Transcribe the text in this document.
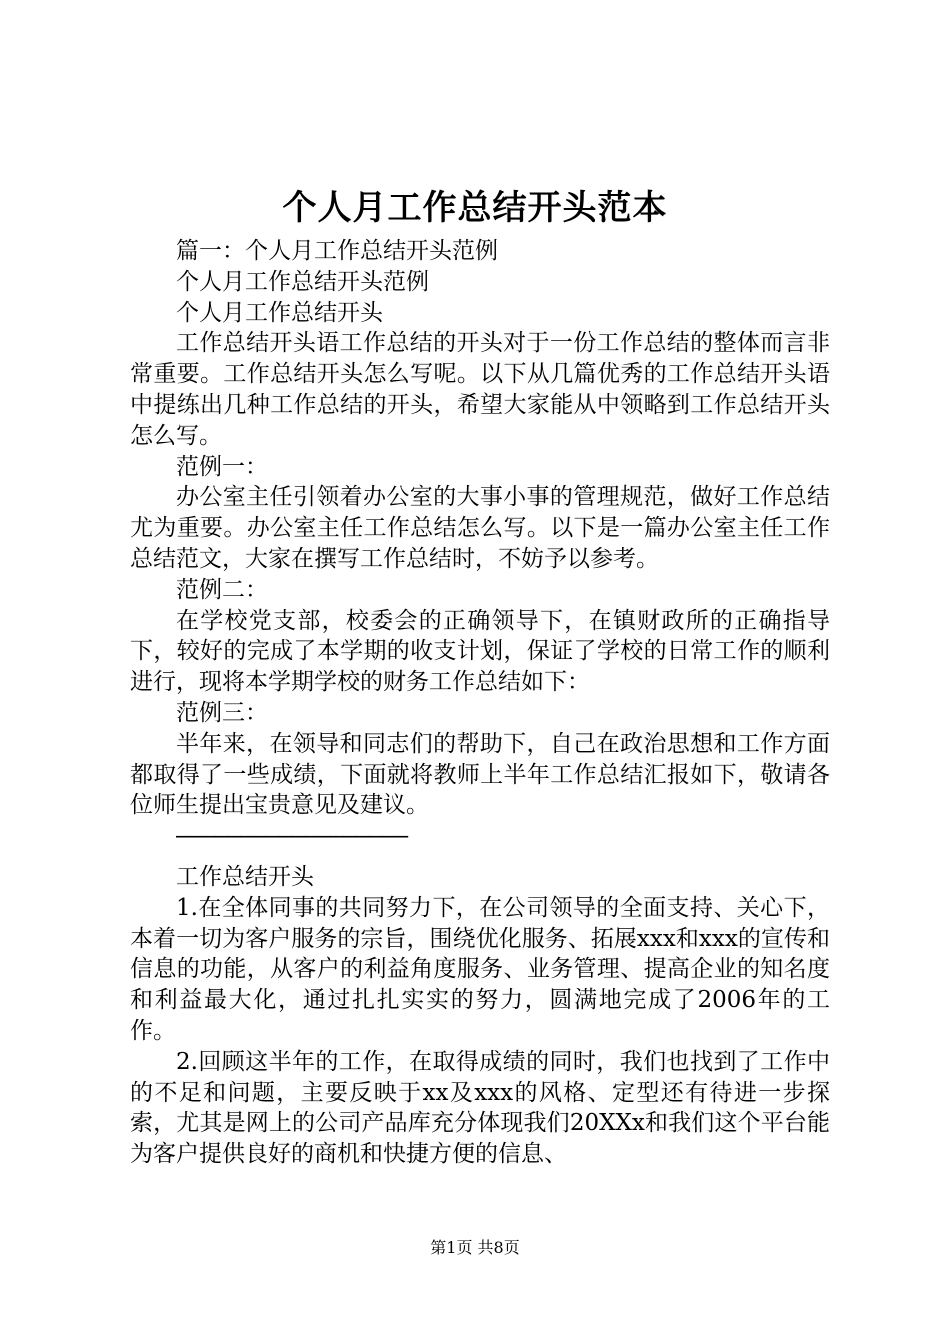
个人月工作总结开头范本

篇一：个人月工作总结开头范例

个人月工作总结开头范例

个人月工作总结开头

工作总结开头语工作总结的开头对于一份工作总结的整体而言非常重要。工作总结开头怎么写呢。以下从几篇优秀的工作总结开头语中提练出几种工作总结的开头，希望大家能从中领略到工作总结开头怎么写。

范例一：

办公室主任引领着办公室的大事小事的管理规范，做好工作总结尤为重要。办公室主任工作总结怎么写。以下是一篇办公室主任工作总结范文，大家在撰写工作总结时，不妨予以参考。

范例二：

在学校党支部，校委会的正确领导下，在镇财政所的正确指导下，较好的完成了本学期的收支计划，保证了学校的日常工作的顺利进行，现将本学期学校的财务工作总结如下：

范例三：

半年来，在领导和同志们的帮助下，自己在政治思想和工作方面都取得了一些成绩，下面就将教师上半年工作总结汇报如下，敬请各位师生提出宝贵意见及建议。

——————————————————

工作总结开头

1.在全体同事的共同努力下，在公司领导的全面支持、关心下，本着一切为客户服务的宗旨，围绕优化服务、拓展xxx和xxx的宣传和信息的功能，从客户的利益角度服务、业务管理、提高企业的知名度和利益最大化，通过扎扎实实的努力，圆满地完成了2006年的工作。

2.回顾这半年的工作，在取得成绩的同时，我们也找到了工作中的不足和问题，主要反映于xx及xxx的风格、定型还有待进一步探索，尤其是网上的公司产品库充分体现我们20XXx和我们这个平台能为客户提供良好的商机和快捷方便的信息、

第1页 共8页
